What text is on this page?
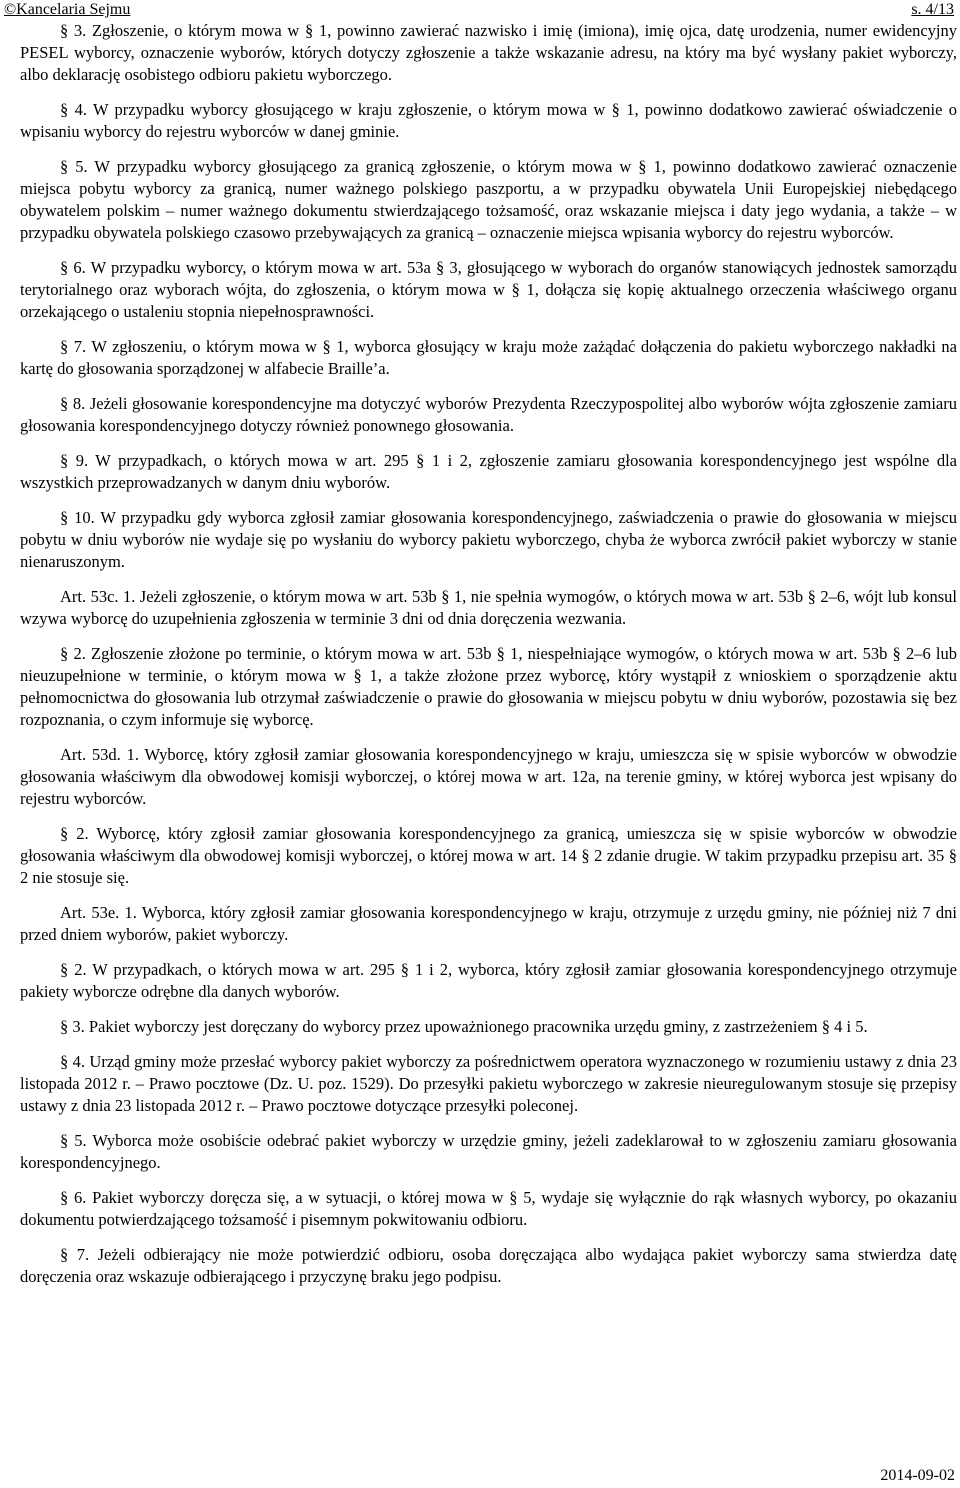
©Kancelaria Sejmu	s. 4/13

§ 3. Zgłoszenie, o którym mowa w § 1, powinno zawierać nazwisko i imię (imiona), imię ojca, datę urodzenia, numer ewidencyjny PESEL wyborcy, oznaczenie wyborów, których dotyczy zgłoszenie a także wskazanie adresu, na który ma być wysłany pakiet wyborczy, albo deklarację osobistego odbioru pakietu wyborczego.

§ 4. W przypadku wyborcy głosującego w kraju zgłoszenie, o którym mowa w § 1, powinno dodatkowo zawierać oświadczenie o wpisaniu wyborcy do rejestru wyborców w danej gminie.

§ 5. W przypadku wyborcy głosującego za granicą zgłoszenie, o którym mowa w § 1, powinno dodatkowo zawierać oznaczenie miejsca pobytu wyborcy za granicą, numer ważnego polskiego paszportu, a w przypadku obywatela Unii Europejskiej niebędącego obywatelem polskim – numer ważnego dokumentu stwierdzającego tożsamość, oraz wskazanie miejsca i daty jego wydania, a także – w przypadku obywatela polskiego czasowo przebywających za granicą – oznaczenie miejsca wpisania wyborcy do rejestru wyborców.

§ 6. W przypadku wyborcy, o którym mowa w art. 53a § 3, głosującego w wyborach do organów stanowiących jednostek samorządu terytorialnego oraz wyborach wójta, do zgłoszenia, o którym mowa w § 1, dołącza się kopię aktualnego orzeczenia właściwego organu orzekającego o ustaleniu stopnia niepełnosprawności.

§ 7. W zgłoszeniu, o którym mowa w § 1, wyborca głosujący w kraju może zażądać dołączenia do pakietu wyborczego nakładki na kartę do głosowania sporządzonej w alfabecie Braille’a.

§ 8. Jeżeli głosowanie korespondencyjne ma dotyczyć wyborów Prezydenta Rzeczypospolitej albo wyborów wójta zgłoszenie zamiaru głosowania korespondencyjnego dotyczy również ponownego głosowania.

§ 9. W przypadkach, o których mowa w art. 295 § 1 i 2, zgłoszenie zamiaru głosowania korespondencyjnego jest wspólne dla wszystkich przeprowadzanych w danym dniu wyborów.

§ 10. W przypadku gdy wyborca zgłosił zamiar głosowania korespondencyjnego, zaświadczenia o prawie do głosowania w miejscu pobytu w dniu wyborów nie wydaje się po wysłaniu do wyborcy pakietu wyborczego, chyba że wyborca zwrócił pakiet wyborczy w stanie nienaruszonym.

Art. 53c. 1. Jeżeli zgłoszenie, o którym mowa w art. 53b § 1, nie spełnia wymogów, o których mowa w art. 53b § 2–6, wójt lub konsul wzywa wyborcę do uzupełnienia zgłoszenia w terminie 3 dni od dnia doręczenia wezwania.

§ 2. Zgłoszenie złożone po terminie, o którym mowa w art. 53b § 1, niespełniające wymogów, o których mowa w art. 53b § 2–6 lub nieuzupełnione w terminie, o którym mowa w § 1, a także złożone przez wyborcę, który wystąpił z wnioskiem o sporządzenie aktu pełnomocnictwa do głosowania lub otrzymał zaświadczenie o prawie do głosowania w miejscu pobytu w dniu wyborów, pozostawia się bez rozpoznania, o czym informuje się wyborcę.

Art. 53d. 1. Wyborcę, który zgłosił zamiar głosowania korespondencyjnego w kraju, umieszcza się w spisie wyborców w obwodzie głosowania właściwym dla obwodowej komisji wyborczej, o której mowa w art. 12a, na terenie gminy, w której wyborca jest wpisany do rejestru wyborców.

§ 2. Wyborcę, który zgłosił zamiar głosowania korespondencyjnego za granicą, umieszcza się w spisie wyborców w obwodzie głosowania właściwym dla obwodowej komisji wyborczej, o której mowa w art. 14 § 2 zdanie drugie. W takim przypadku przepisu art. 35 § 2 nie stosuje się.

Art. 53e. 1. Wyborca, który zgłosił zamiar głosowania korespondencyjnego w kraju, otrzymuje z urzędu gminy, nie później niż 7 dni przed dniem wyborów, pakiet wyborczy.

§ 2. W przypadkach, o których mowa w art. 295 § 1 i 2, wyborca, który zgłosił zamiar głosowania korespondencyjnego otrzymuje pakiety wyborcze odrębne dla danych wyborów.

§ 3. Pakiet wyborczy jest doręczany do wyborcy przez upoważnionego pracownika urzędu gminy, z zastrzeżeniem § 4 i 5.

§ 4. Urząd gminy może przesłać wyborcy pakiet wyborczy za pośrednictwem operatora wyznaczonego w rozumieniu ustawy z dnia 23 listopada 2012 r. – Prawo pocztowe (Dz. U. poz. 1529). Do przesyłki pakietu wyborczego w zakresie nieuregulowanym stosuje się przepisy ustawy z dnia 23 listopada 2012 r. – Prawo pocztowe dotyczące przesyłki poleconej.

§ 5. Wyborca może osobiście odebrać pakiet wyborczy w urzędzie gminy, jeżeli zadeklarował to w zgłoszeniu zamiaru głosowania korespondencyjnego.

§ 6. Pakiet wyborczy doręcza się, a w sytuacji, o której mowa w § 5, wydaje się wyłącznie do rąk własnych wyborcy, po okazaniu dokumentu potwierdzającego tożsamość i pisemnym pokwitowaniu odbioru.

§ 7. Jeżeli odbierający nie może potwierdzić odbioru, osoba doręczająca albo wydająca pakiet wyborczy sama stwierdza datę doręczenia oraz wskazuje odbierającego i przyczynę braku jego podpisu.

2014-09-02
